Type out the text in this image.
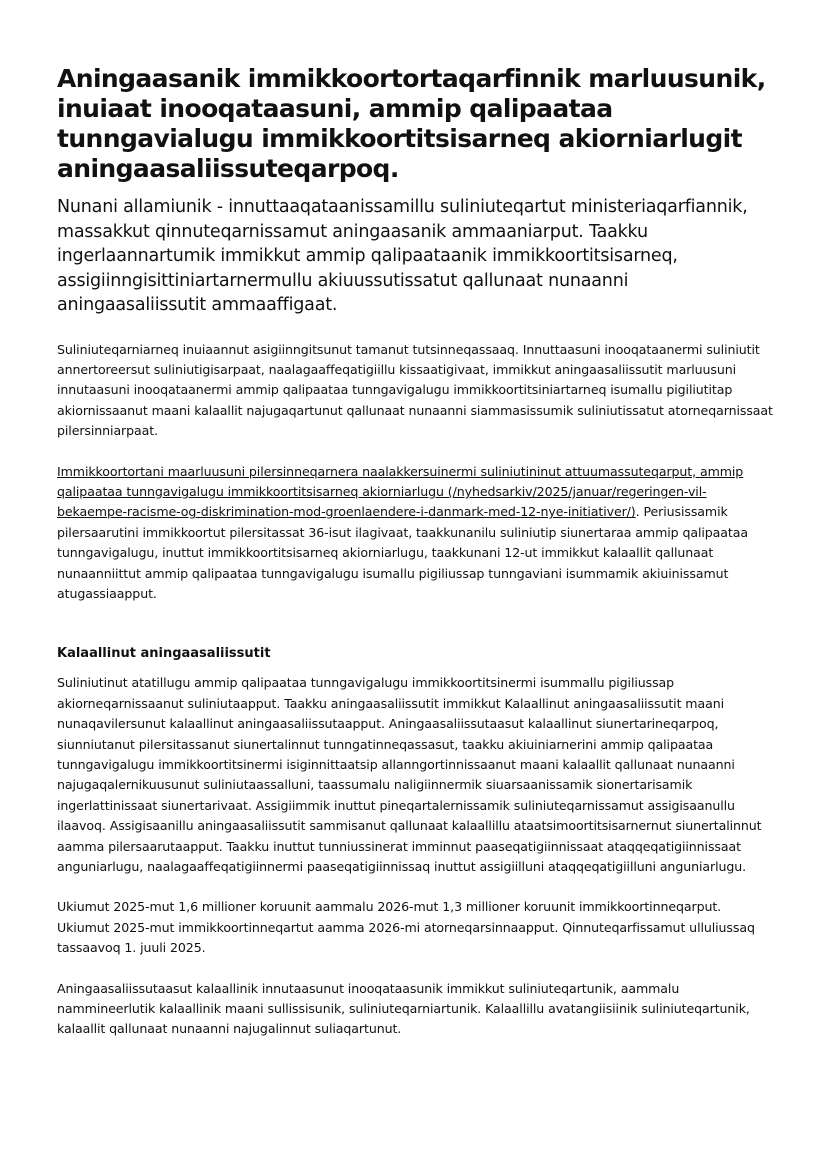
Aningaasanik immikkoortortaqarfinnik marluusunik, inuiaat inooqataasuni, ammip qalipaataa tunngavialugu immikkoortitsisarneq akiorniarlugit aningaasaliissuteqarpoq.

Nunani allamiunik - innuttaaqataanissamillu suliniuteqartut ministeriaqarfiannik, massakkut qinnuteqarnissamut aningaasanik ammaaniarput. Taakku ingerlaannartumik immikkut ammip qalipaataanik immikkoortitsisarneq, assigiinngisittiniartarnermullu akiuussutissatut qallunaat nunaanni aningaasaliissutit ammaaffigaat.

Suliniuteqarniarneq inuiaannut asigiinngitsunut tamanut tutsinneqassaaq. Innuttaasuni inooqataanermi suliniutit annertoreersut suliniutigisarpaat, naalagaaffeqatigiillu kissaatigivaat, immikkut aningaasaliissutit marluusuni innutaasuni inooqataanermi ammip qalipaataa tunngavigalugu immikkoortitsiniartarneq isumallu pigiliutitap akiornissaanut maani kalaallit najugaqartunut qallunaat nunaanni siammasissumik suliniutissatut atorneqarnissaat pilersinniarpaat.

Immikkoortortani maarluusuni pilersinneqarnera naalakkersuinermi suliniutininut attuumassuteqarput, ammip qalipaataa tunngavigalugu immikkoortitsisarneq akiorniarlugu (/nyhedsarkiv/2025/januar/regeringen-vil-bekaempe-racisme-og-diskrimination-mod-groenlaendere-i-danmark-med-12-nye-initiativer/). Periusissamik pilersaarutini immikkoortut pilersitassat 36-isut ilagivaat, taakkunanilu suliniutip siunertaraa ammip qalipaataa tunngavigalugu, inuttut immikkoortitsisarneq akiorniarlugu, taakkunani 12-ut immikkut kalaallit qallunaat nunaanniittut ammip qalipaataa tunngavigalugu isumallu pigiliussap tunngaviani isummamik akiuinissamut atugassiaapput.

Kalaallinut aningaasaliissutit

Suliniutinut atatillugu ammip qalipaataa tunngavigalugu immikkoortitsinermi isummallu pigiliussap akiorneqarnissaanut suliniutaapput. Taakku aningaasaliissutit immikkut Kalaallinut aningaasaliissutit maani nunaqavilersunut kalaallinut aningaasaliissutaapput. Aningaasaliissutaasut kalaallinut siunertarineqarpoq, siunniutanut pilersitassanut siunertalinnut tunngatinneqassasut, taakku akiuiniarnerini ammip qalipaataa tunngavigalugu immikkoortitsinermi isiginnittaatsip allanngortinnissaanut maani kalaallit qallunaat nunaanni najugaqalernikuusunut suliniutaassalluni, taassumalu naligiinnermik siuarsaanissamik sionertarisamik ingerlattinissaat siunertarivaat. Assigiimmik inuttut pineqartalernissamik suliniuteqarnissamut assigisaanullu ilaavoq. Assigisaanillu aningaasaliissutit sammisanut qallunaat kalaallillu ataatsimoortitsisarnernut siunertalinnut aamma pilersaarutaapput. Taakku inuttut tunniussinerat imminnut paaseqatigiinnissaat ataqqeqatigiinnissaat anguniarlugu, naalagaaffeqatigiinnermi paaseqatigiinnissaq inuttut assigiilluni ataqqeqatigiilluni anguniarlugu.

Ukiumut 2025-mut 1,6 millioner koruunit aammalu 2026-mut 1,3 millioner koruunit immikkoortinneqarput. Ukiumut 2025-mut immikkoortinneqartut aamma 2026-mi atorneqarsinnaapput. Qinnuteqarfissamut ulluliussaq tassaavoq 1. juuli 2025.

Aningaasaliissutaasut kalaallinik innutaasunut inooqataasunik immikkut suliniuteqartunik, aammalu nammineerlutik kalaallinik maani sullissisunik, suliniuteqarniartunik. Kalaallillu avatangiisiinik suliniuteqartunik, kalaallit qallunaat nunaanni najugalinnut suliaqartunut.
